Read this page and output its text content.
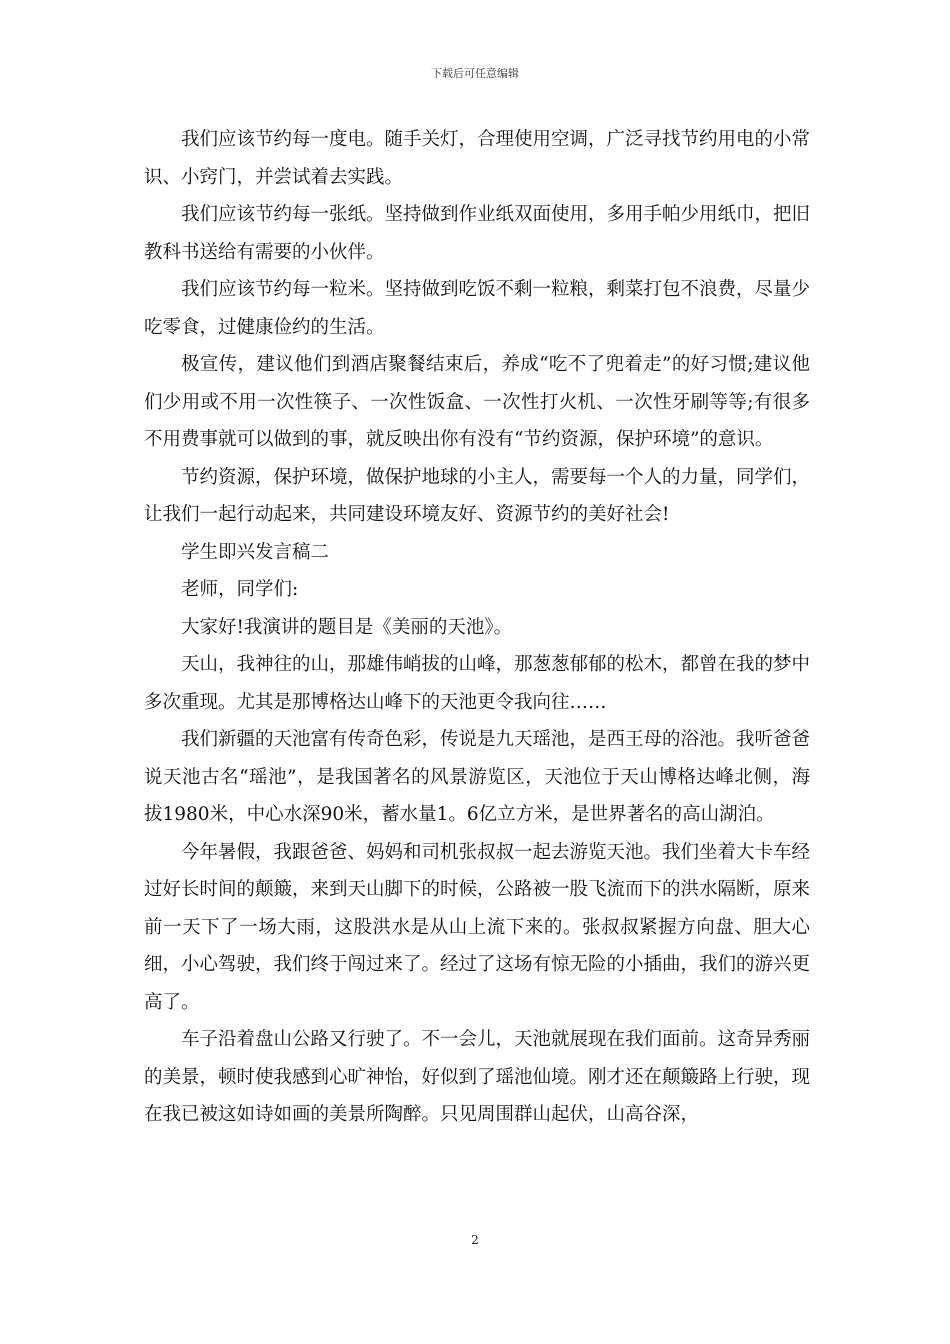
下载后可任意编辑

我们应该节约每一度电。随手关灯，合理使用空调，广泛寻找节约用电的小常识、小窍门，并尝试着去实践。

我们应该节约每一张纸。坚持做到作业纸双面使用，多用手帕少用纸巾，把旧教科书送给有需要的小伙伴。

我们应该节约每一粒米。坚持做到吃饭不剩一粒粮，剩菜打包不浪费，尽量少吃零食，过健康俭约的生活。

极宣传，建议他们到酒店聚餐结束后，养成“吃不了兜着走”的好习惯;建议他们少用或不用一次性筷子、一次性饭盒、一次性打火机、一次性牙刷等等;有很多不用费事就可以做到的事，就反映出你有没有“节约资源，保护环境”的意识。

节约资源，保护环境，做保护地球的小主人，需要每一个人的力量，同学们，让我们一起行动起来，共同建设环境友好、资源节约的美好社会!

学生即兴发言稿二

老师，同学们:

大家好!我演讲的题目是《美丽的天池》。

天山，我神往的山，那雄伟峭拔的山峰，那葱葱郁郁的松木，都曾在我的梦中多次重现。尤其是那博格达山峰下的天池更令我向往……

我们新疆的天池富有传奇色彩，传说是九天瑶池，是西王母的浴池。我听爸爸说天池古名“瑶池”，是我国著名的风景游览区，天池位于天山博格达峰北侧，海拔1980米，中心水深90米，蓄水量1。6亿立方米，是世界著名的高山湖泊。

今年暑假，我跟爸爸、妈妈和司机张叔叔一起去游览天池。我们坐着大卡车经过好长时间的颠簸，来到天山脚下的时候，公路被一股飞流而下的洪水隔断，原来前一天下了一场大雨，这股洪水是从山上流下来的。张叔叔紧握方向盘、胆大心细，小心驾驶，我们终于闯过来了。经过了这场有惊无险的小插曲，我们的游兴更高了。

车子沿着盘山公路又行驶了。不一会儿，天池就展现在我们面前。这奇异秀丽的美景，顿时使我感到心旷神怡，好似到了瑶池仙境。刚才还在颠簸路上行驶，现在我已被这如诗如画的美景所陶醉。只见周围群山起伏，山高谷深，

2
